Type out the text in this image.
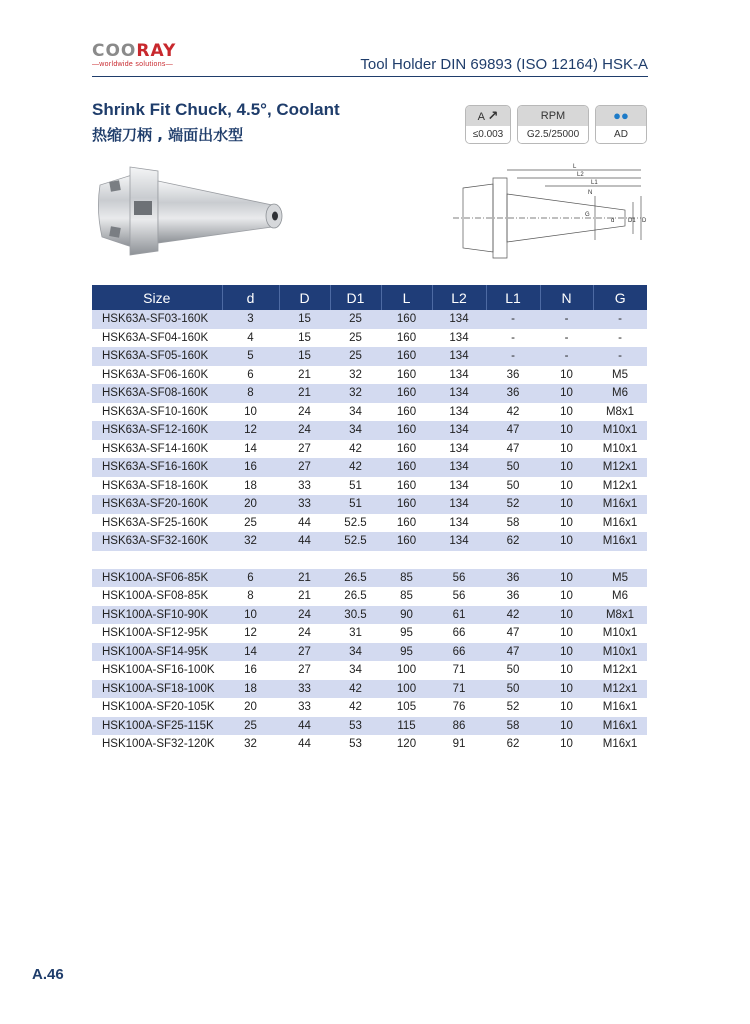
COORAY
—worldwide solutions—	Tool Holder DIN 69893 (ISO 12164) HSK-A
Shrink Fit Chuck, 4.5°, Coolant
热缩刀柄 , 端面出水型
A ↗
≤0.003
RPM
G2.5/25000
●●
AD
L
L2
L1
N
G
D1 D
d
Size	d	D	D1	L	L2	L1	N	G
HSK63A-SF03-160K	3	15	25	160	134	-	-	-
HSK63A-SF04-160K	4	15	25	160	134	-	-	-
HSK63A-SF05-160K	5	15	25	160	134	-	-	-
HSK63A-SF06-160K	6	21	32	160	134	36	10	M5
HSK63A-SF08-160K	8	21	32	160	134	36	10	M6
HSK63A-SF10-160K	10	24	34	160	134	42	10	M8x1
HSK63A-SF12-160K	12	24	34	160	134	47	10	M10x1
HSK63A-SF14-160K	14	27	42	160	134	47	10	M10x1
HSK63A-SF16-160K	16	27	42	160	134	50	10	M12x1
HSK63A-SF18-160K	18	33	51	160	134	50	10	M12x1
HSK63A-SF20-160K	20	33	51	160	134	52	10	M16x1
HSK63A-SF25-160K	25	44	52.5	160	134	58	10	M16x1
HSK63A-SF32-160K	32	44	52.5	160	134	62	10	M16x1

HSK100A-SF06-85K	6	21	26.5	85	56	36	10	M5
HSK100A-SF08-85K	8	21	26.5	85	56	36	10	M6
HSK100A-SF10-90K	10	24	30.5	90	61	42	10	M8x1
HSK100A-SF12-95K	12	24	31	95	66	47	10	M10x1
HSK100A-SF14-95K	14	27	34	95	66	47	10	M10x1
HSK100A-SF16-100K	16	27	34	100	71	50	10	M12x1
HSK100A-SF18-100K	18	33	42	100	71	50	10	M12x1
HSK100A-SF20-105K	20	33	42	105	76	52	10	M16x1
HSK100A-SF25-115K	25	44	53	115	86	58	10	M16x1
HSK100A-SF32-120K	32	44	53	120	91	62	10	M16x1
A.46
